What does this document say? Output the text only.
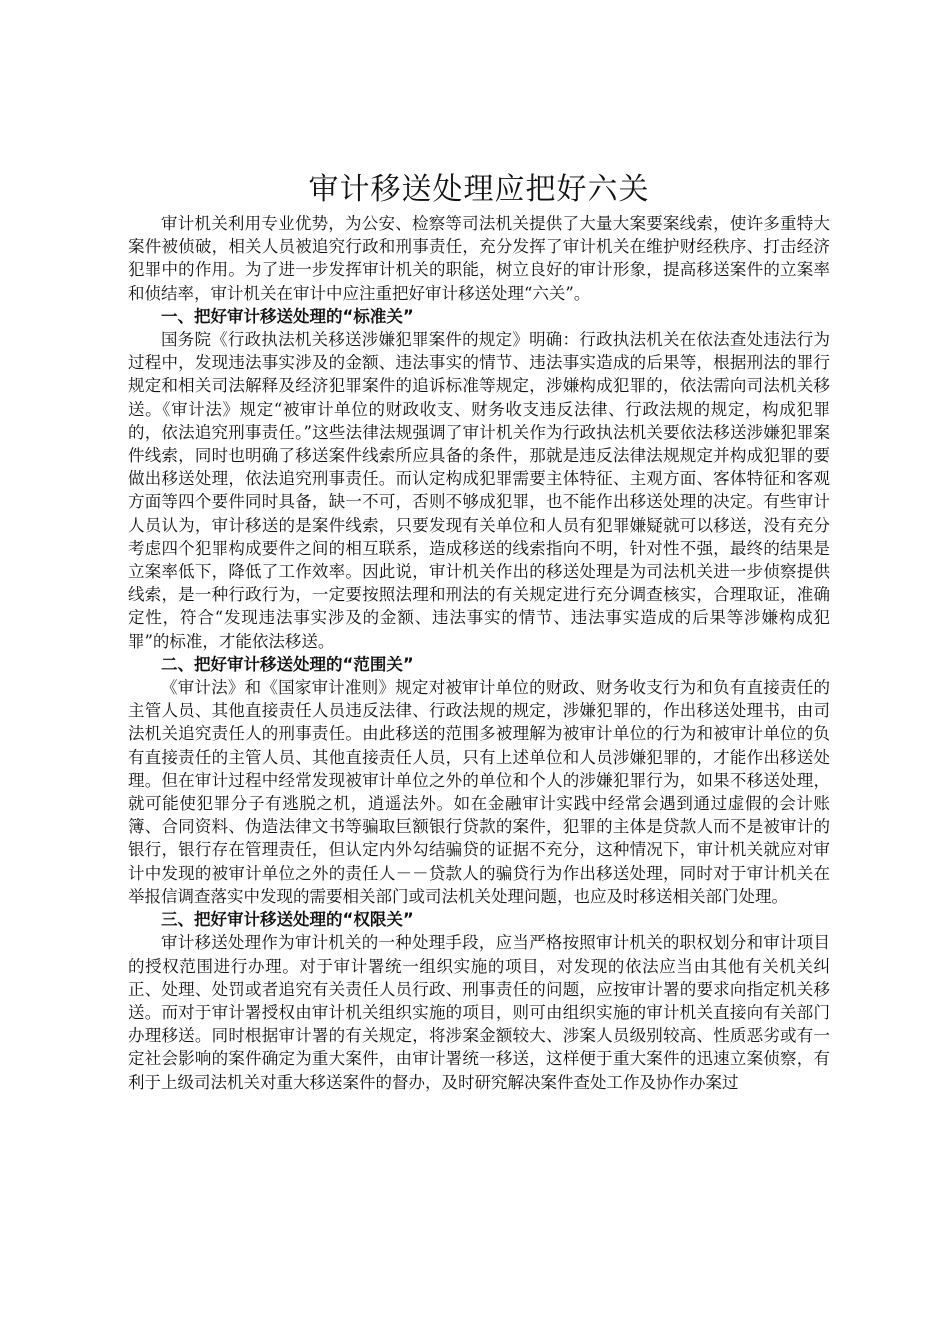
审计移送处理应把好六关

审计机关利用专业优势，为公安、检察等司法机关提供了大量大案要案线索，使许多重特大案件被侦破，相关人员被追究行政和刑事责任，充分发挥了审计机关在维护财经秩序、打击经济犯罪中的作用。为了进一步发挥审计机关的职能，树立良好的审计形象，提高移送案件的立案率和侦结率，审计机关在审计中应注重把好审计移送处理“六关”。

一、把好审计移送处理的“标准关”

国务院《行政执法机关移送涉嫌犯罪案件的规定》明确：行政执法机关在依法查处违法行为过程中，发现违法事实涉及的金额、违法事实的情节、违法事实造成的后果等，根据刑法的罪行规定和相关司法解释及经济犯罪案件的追诉标准等规定，涉嫌构成犯罪的，依法需向司法机关移送。《审计法》规定“被审计单位的财政收支、财务收支违反法律、行政法规的规定，构成犯罪的，依法追究刑事责任。”这些法律法规强调了审计机关作为行政执法机关要依法移送涉嫌犯罪案件线索，同时也明确了移送案件线索所应具备的条件，那就是违反法律法规规定并构成犯罪的要做出移送处理，依法追究刑事责任。而认定构成犯罪需要主体特征、主观方面、客体特征和客观方面等四个要件同时具备，缺一不可，否则不够成犯罪，也不能作出移送处理的决定。有些审计人员认为，审计移送的是案件线索，只要发现有关单位和人员有犯罪嫌疑就可以移送，没有充分考虑四个犯罪构成要件之间的相互联系，造成移送的线索指向不明，针对性不强，最终的结果是立案率低下，降低了工作效率。因此说，审计机关作出的移送处理是为司法机关进一步侦察提供线索，是一种行政行为，一定要按照法理和刑法的有关规定进行充分调查核实，合理取证，准确定性，符合“发现违法事实涉及的金额、违法事实的情节、违法事实造成的后果等涉嫌构成犯罪”的标准，才能依法移送。

二、把好审计移送处理的“范围关”

《审计法》和《国家审计准则》规定对被审计单位的财政、财务收支行为和负有直接责任的主管人员、其他直接责任人员违反法律、行政法规的规定，涉嫌犯罪的，作出移送处理书，由司法机关追究责任人的刑事责任。由此移送的范围多被理解为被审计单位的行为和被审计单位的负有直接责任的主管人员、其他直接责任人员，只有上述单位和人员涉嫌犯罪的，才能作出移送处理。但在审计过程中经常发现被审计单位之外的单位和个人的涉嫌犯罪行为，如果不移送处理，就可能使犯罪分子有逃脱之机，逍遥法外。如在金融审计实践中经常会遇到通过虚假的会计账簿、合同资料、伪造法律文书等骗取巨额银行贷款的案件，犯罪的主体是贷款人而不是被审计的银行，银行存在管理责任，但认定内外勾结骗贷的证据不充分，这种情况下，审计机关就应对审计中发现的被审计单位之外的责任人－－贷款人的骗贷行为作出移送处理，同时对于审计机关在举报信调查落实中发现的需要相关部门或司法机关处理问题，也应及时移送相关部门处理。

三、把好审计移送处理的“权限关”

审计移送处理作为审计机关的一种处理手段，应当严格按照审计机关的职权划分和审计项目的授权范围进行办理。对于审计署统一组织实施的项目，对发现的依法应当由其他有关机关纠正、处理、处罚或者追究有关责任人员行政、刑事责任的问题，应按审计署的要求向指定机关移送。而对于审计署授权由审计机关组织实施的项目，则可由组织实施的审计机关直接向有关部门办理移送。同时根据审计署的有关规定，将涉案金额较大、涉案人员级别较高、性质恶劣或有一定社会影响的案件确定为重大案件，由审计署统一移送，这样便于重大案件的迅速立案侦察，有利于上级司法机关对重大移送案件的督办，及时研究解决案件查处工作及协作办案过
